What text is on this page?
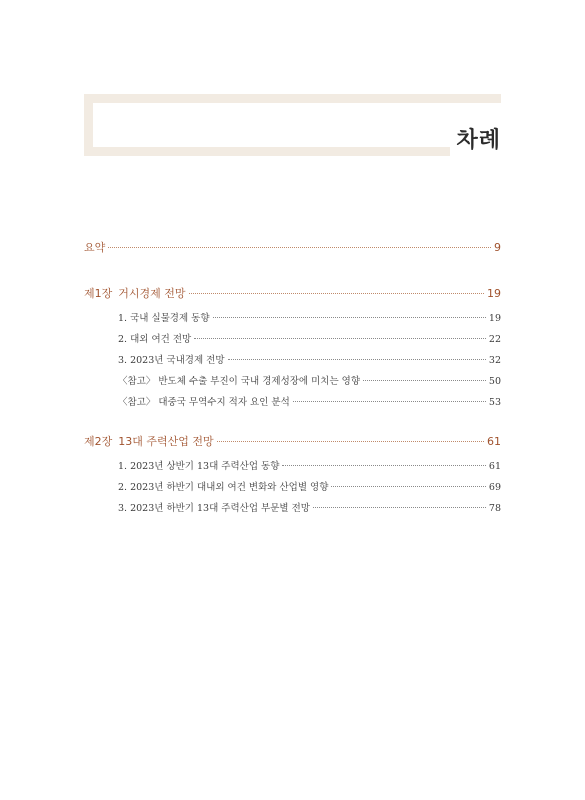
차례
요약	9
제1장 거시경제 전망	19
1. 국내 실물경제 동향	19
2. 대외 여건 전망	22
3. 2023년 국내경제 전망	32
〈참고〉 반도체 수출 부진이 국내 경제성장에 미치는 영향	50
〈참고〉 대중국 무역수지 적자 요인 분석	53
제2장 13대 주력산업 전망	61
1. 2023년 상반기 13대 주력산업 동향	61
2. 2023년 하반기 대내외 여건 변화와 산업별 영향	69
3. 2023년 하반기 13대 주력산업 부문별 전망	78
